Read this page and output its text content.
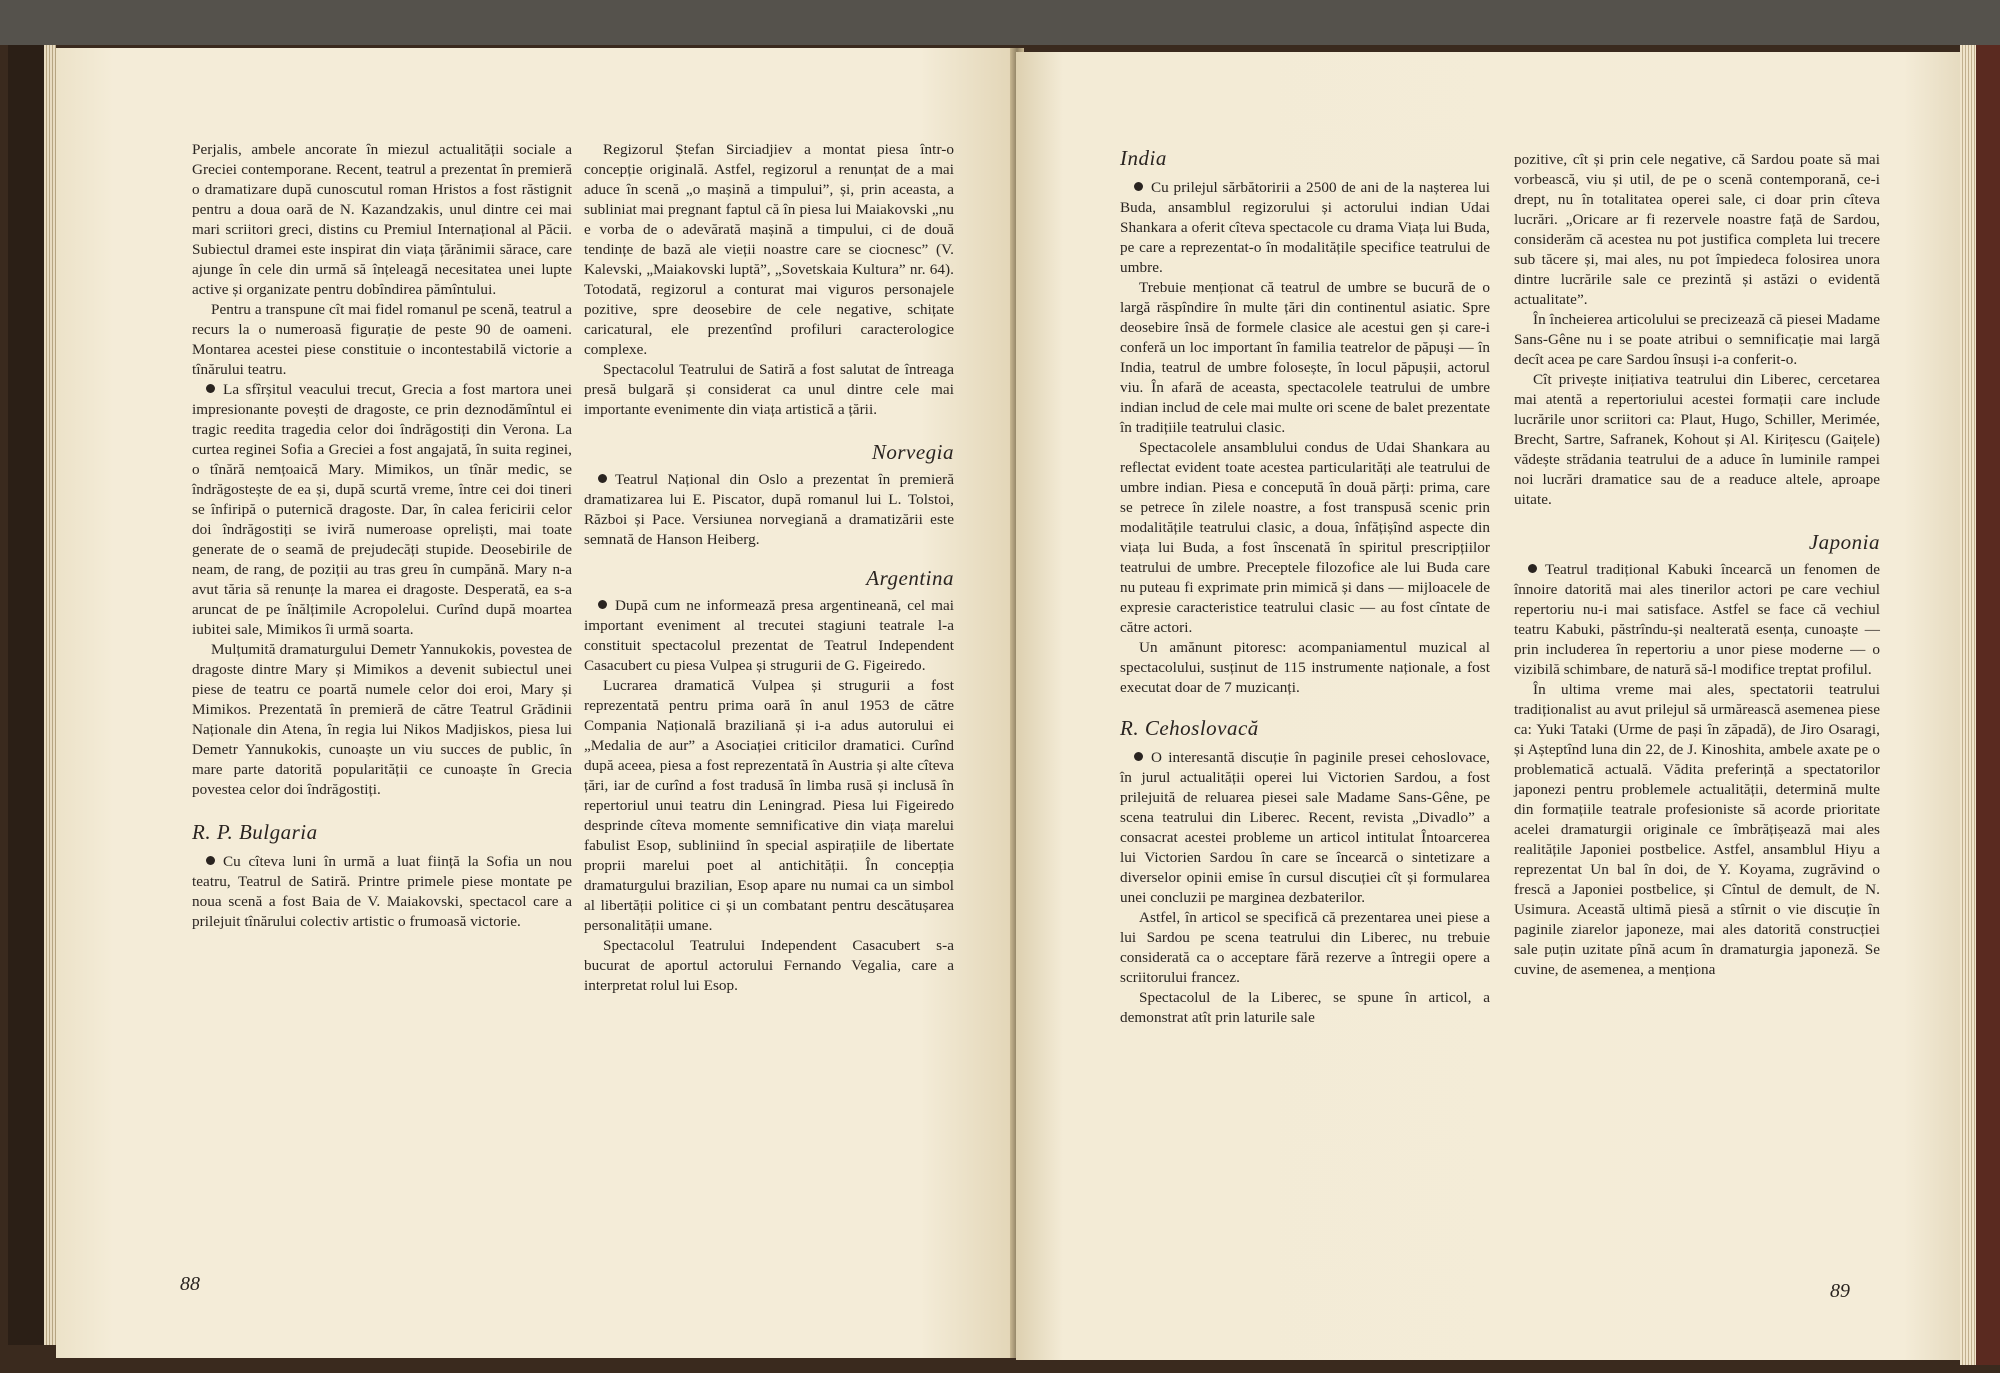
Perjalis, ambele ancorate în miezul actualității sociale a Greciei contemporane. Recent, teatrul a prezentat în premieră o dramatizare după cunoscutul roman Hristos a fost răstignit pentru a doua oară de N. Kazandzakis, unul dintre cei mai mari scriitori greci, distins cu Premiul Internațional al Păcii. Subiectul dramei este inspirat din viața țărănimii sărace, care ajunge în cele din urmă să înțeleagă necesitatea unei lupte active și organizate pentru dobîndirea pămîntului.

Pentru a transpune cît mai fidel romanul pe scenă, teatrul a recurs la o numeroasă figurație de peste 90 de oameni. Montarea acestei piese constituie o incontestabilă victorie a tînărului teatru.

La sfîrșitul veacului trecut, Grecia a fost martora unei impresionante povești de dragoste, ce prin deznodămîntul ei tragic reedita tragedia celor doi îndrăgostiți din Verona. La curtea reginei Sofia a Greciei a fost angajată, în suita reginei, o tînără nemțoaică Mary. Mimikos, un tînăr medic, se îndrăgostește de ea și, după scurtă vreme, între cei doi tineri se înfiripă o puternică dragoste. Dar, în calea fericirii celor doi îndrăgostiți se iviră numeroase opreliști, mai toate generate de o seamă de prejudecăți stupide. Deosebirile de neam, de rang, de poziții au tras greu în cumpănă. Mary n-a avut tăria să renunțe la marea ei dragoste. Desperată, ea s-a aruncat de pe înălțimile Acropolelui. Curînd după moartea iubitei sale, Mimikos îi urmă soarta.

Mulțumită dramaturgului Demetr Yannukokis, povestea de dragoste dintre Mary și Mimikos a devenit subiectul unei piese de teatru ce poartă numele celor doi eroi, Mary și Mimikos. Prezentată în premieră de către Teatrul Grădinii Naționale din Atena, în regia lui Nikos Madjiskos, piesa lui Demetr Yannukokis, cunoaște un viu succes de public, în mare parte datorită popularității ce cunoaște în Grecia povestea celor doi îndrăgostiți.

R. P. Bulgaria

Cu cîteva luni în urmă a luat ființă la Sofia un nou teatru, Teatrul de Satiră. Printre primele piese montate pe noua scenă a fost Baia de V. Maiakovski, spectacol care a prilejuit tînărului colectiv artistic o frumoasă victorie.

Regizorul Ștefan Sirciadjiev a montat piesa într-o concepție originală. Astfel, regizorul a renunțat de a mai aduce în scenă „o mașină a timpului”, și, prin aceasta, a subliniat mai pregnant faptul că în piesa lui Maiakovski „nu e vorba de o adevărată mașină a timpului, ci de două tendințe de bază ale vieții noastre care se ciocnesc” (V. Kalevski, „Maiakovski luptă”, „Sovetskaia Kultura” nr. 64). Totodată, regizorul a conturat mai viguros personajele pozitive, spre deosebire de cele negative, schițate caricatural, ele prezentînd profiluri caracterologice complexe.

Spectacolul Teatrului de Satiră a fost salutat de întreaga presă bulgară și considerat ca unul dintre cele mai importante evenimente din viața artistică a țării.

Norvegia

Teatrul Național din Oslo a prezentat în premieră dramatizarea lui E. Piscator, după romanul lui L. Tolstoi, Război și Pace. Versiunea norvegiană a dramatizării este semnată de Hanson Heiberg.

Argentina

După cum ne informează presa argentineană, cel mai important eveniment al trecutei stagiuni teatrale l-a constituit spectacolul prezentat de Teatrul Independent Casacubert cu piesa Vulpea și strugurii de G. Figeiredo.

Lucrarea dramatică Vulpea și strugurii a fost reprezentată pentru prima oară în anul 1953 de către Compania Națională braziliană și i-a adus autorului ei „Medalia de aur” a Asociației criticilor dramatici. Curînd după aceea, piesa a fost reprezentată în Austria și alte cîteva țări, iar de curînd a fost tradusă în limba rusă și inclusă în repertoriul unui teatru din Leningrad. Piesa lui Figeiredo desprinde cîteva momente semnificative din viața marelui fabulist Esop, subliniind în special aspirațiile de libertate proprii marelui poet al antichității. În concepția dramaturgului brazilian, Esop apare nu numai ca un simbol al libertății politice ci și un combatant pentru descătușarea personalității umane.

Spectacolul Teatrului Independent Casacubert s-a bucurat de aportul actorului Fernando Vegalia, care a interpretat rolul lui Esop.

88
India

Cu prilejul sărbătoririi a 2500 de ani de la nașterea lui Buda, ansamblul regizorului și actorului indian Udai Shankara a oferit cîteva spectacole cu drama Viața lui Buda, pe care a reprezentat-o în modalitățile specifice teatrului de umbre.

Trebuie menționat că teatrul de umbre se bucură de o largă răspîndire în multe țări din continentul asiatic. Spre deosebire însă de formele clasice ale acestui gen și care-i conferă un loc important în familia teatrelor de păpuși — în India, teatrul de umbre folosește, în locul păpușii, actorul viu. În afară de aceasta, spectacolele teatrului de umbre indian includ de cele mai multe ori scene de balet prezentate în tradițiile teatrului clasic.

Spectacolele ansamblului condus de Udai Shankara au reflectat evident toate acestea particularități ale teatrului de umbre indian. Piesa e concepută în două părți: prima, care se petrece în zilele noastre, a fost transpusă scenic prin modalitățile teatrului clasic, a doua, înfățișînd aspecte din viața lui Buda, a fost înscenată în spiritul prescripțiilor teatrului de umbre. Preceptele filozofice ale lui Buda care nu puteau fi exprimate prin mimică și dans — mijloacele de expresie caracteristice teatrului clasic — au fost cîntate de către actori.

Un amănunt pitoresc: acompaniamentul muzical al spectacolului, susținut de 115 instrumente naționale, a fost executat doar de 7 muzicanți.

R. Cehoslovacă

O interesantă discuție în paginile presei cehoslovace, în jurul actualității operei lui Victorien Sardou, a fost prilejuită de reluarea piesei sale Madame Sans-Gêne, pe scena teatrului din Liberec. Recent, revista „Divadlo” a consacrat acestei probleme un articol intitulat Întoarcerea lui Victorien Sardou în care se încearcă o sintetizare a diverselor opinii emise în cursul discuției cît și formularea unei concluzii pe marginea dezbaterilor.

Astfel, în articol se specifică că prezentarea unei piese a lui Sardou pe scena teatrului din Liberec, nu trebuie considerată ca o acceptare fără rezerve a întregii opere a scriitorului francez.

Spectacolul de la Liberec, se spune în articol, a demonstrat atît prin laturile sale

pozitive, cît și prin cele negative, că Sardou poate să mai vorbească, viu și util, de pe o scenă contemporană, ce-i drept, nu în totalitatea operei sale, ci doar prin cîteva lucrări. „Oricare ar fi rezervele noastre față de Sardou, considerăm că acestea nu pot justifica completa lui trecere sub tăcere și, mai ales, nu pot împiedeca folosirea unora dintre lucrările sale ce prezintă și astăzi o evidentă actualitate”.

În încheierea articolului se precizează că piesei Madame Sans-Gêne nu i se poate atribui o semnificație mai largă decît acea pe care Sardou însuși i-a conferit-o.

Cît privește inițiativa teatrului din Liberec, cercetarea mai atentă a repertoriului acestei formații care include lucrările unor scriitori ca: Plaut, Hugo, Schiller, Merimée, Brecht, Sartre, Safranek, Kohout și Al. Kirițescu (Gaițele) vădește strădania teatrului de a aduce în luminile rampei noi lucrări dramatice sau de a readuce altele, aproape uitate.

Japonia

Teatrul tradițional Kabuki încearcă un fenomen de înnoire datorită mai ales tinerilor actori pe care vechiul repertoriu nu-i mai satisface. Astfel se face că vechiul teatru Kabuki, păstrîndu-și nealterată esența, cunoaște — prin includerea în repertoriu a unor piese moderne — o vizibilă schimbare, de natură să-l modifice treptat profilul.

În ultima vreme mai ales, spectatorii teatrului tradiționalist au avut prilejul să urmărească asemenea piese ca: Yuki Tataki (Urme de pași în zăpadă), de Jiro Osaragi, și Așteptînd luna din 22, de J. Kinoshita, ambele axate pe o problematică actuală. Vădita preferință a spectatorilor japonezi pentru problemele actualității, determină multe din formațiile teatrale profesioniste să acorde prioritate acelei dramaturgii originale ce îmbrățișează mai ales realitățile Japoniei postbelice. Astfel, ansamblul Hiyu a reprezentat Un bal în doi, de Y. Koyama, zugrăvind o frescă a Japoniei postbelice, și Cîntul de demult, de N. Usimura. Această ultimă piesă a stîrnit o vie discuție în paginile ziarelor japoneze, mai ales datorită construcției sale puțin uzitate pînă acum în dramaturgia japoneză. Se cuvine, de asemenea, a menționa

89
